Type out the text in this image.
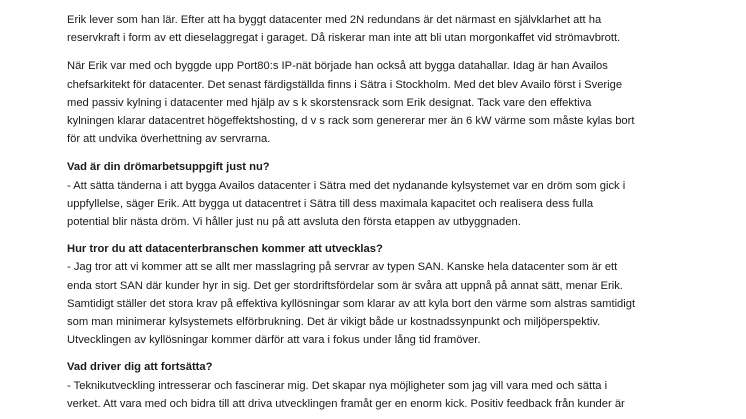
Erik lever som han lär. Efter att ha byggt datacenter med 2N redundans är det närmast en självklarhet att ha
reservkraft i form av ett dieselaggregat i garaget. Då riskerar man inte att bli utan morgonkaffet vid strömavbrott.

När Erik var med och byggde upp Port80:s IP-nät började han också att bygga datahallar. Idag är han Availos
chefsarkitekt för datacenter. Det senast färdigställda finns i Sätra i Stockholm. Med det blev Availo först i Sverige
med passiv kylning i datacenter med hjälp av s k skorstensrack som Erik designat. Tack vare den effektiva
kylningen klarar datacentret högeffektshosting, d v s rack som genererar mer än 6 kW värme som måste kylas bort
för att undvika överhettning av servrarna.

Vad är din drömarbetsuppgift just nu?

- Att sätta tänderna i att bygga Availos datacenter i Sätra med det nydanande kylsystemet var en dröm som gick i
uppfyllelse, säger Erik. Att bygga ut datacentret i Sätra till dess maximala kapacitet och realisera dess fulla
potential blir nästa dröm. Vi håller just nu på att avsluta den första etappen av utbyggnaden.

Hur tror du att datacenterbranschen kommer att utvecklas?

- Jag tror att vi kommer att se allt mer masslagring på servrar av typen SAN. Kanske hela datacenter som är ett
enda stort SAN där kunder hyr in sig. Det ger stordriftsfördelar som är svåra att uppnå på annat sätt, menar Erik.
Samtidigt ställer det stora krav på effektiva kyllösningar som klarar av att kyla bort den värme som alstras samtidigt
som man minimerar kylsystemets elförbrukning. Det är vikigt både ur kostnadssynpunkt och miljöperspektiv.
Utvecklingen av kyllösningar kommer därför att vara i fokus under lång tid framöver.

Vad driver dig att fortsätta?

- Teknikutveckling intresserar och fascinerar mig. Det skapar nya möjligheter som jag vill vara med och sätta i
verket. Att vara med och bidra till att driva utvecklingen framåt ger en enorm kick. Positiv feedback från kunder är
